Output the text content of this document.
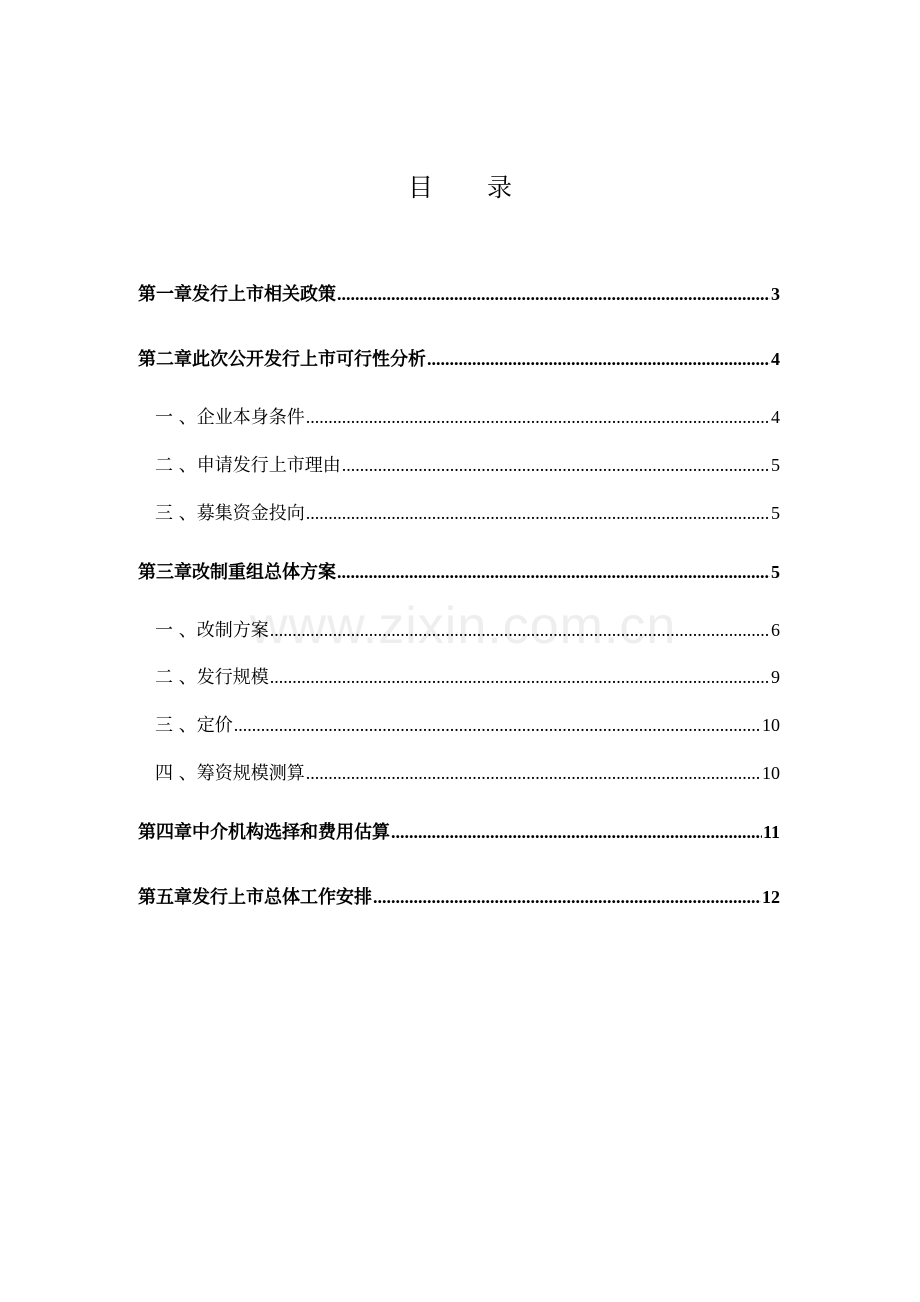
目 录
www.zixin.com.cn
第一章 发行上市相关政策 .....	3
第二章 此次公开发行上市可行性分析 .....	4
一 、 企业本身条件 .....	4
二 、 申请发行上市理由 .....	5
三 、 募集资金投向 .....	5
第三章 改制重组总体方案 .....	5
一 、 改制方案 .....	6
二 、 发行规模 .....	9
三 、 定价 .....	10
四 、 筹资规模测算 .....	10
第四章 中介机构选择和费用估算 .....	11
第五章 发行上市总体工作安排 .....	12
